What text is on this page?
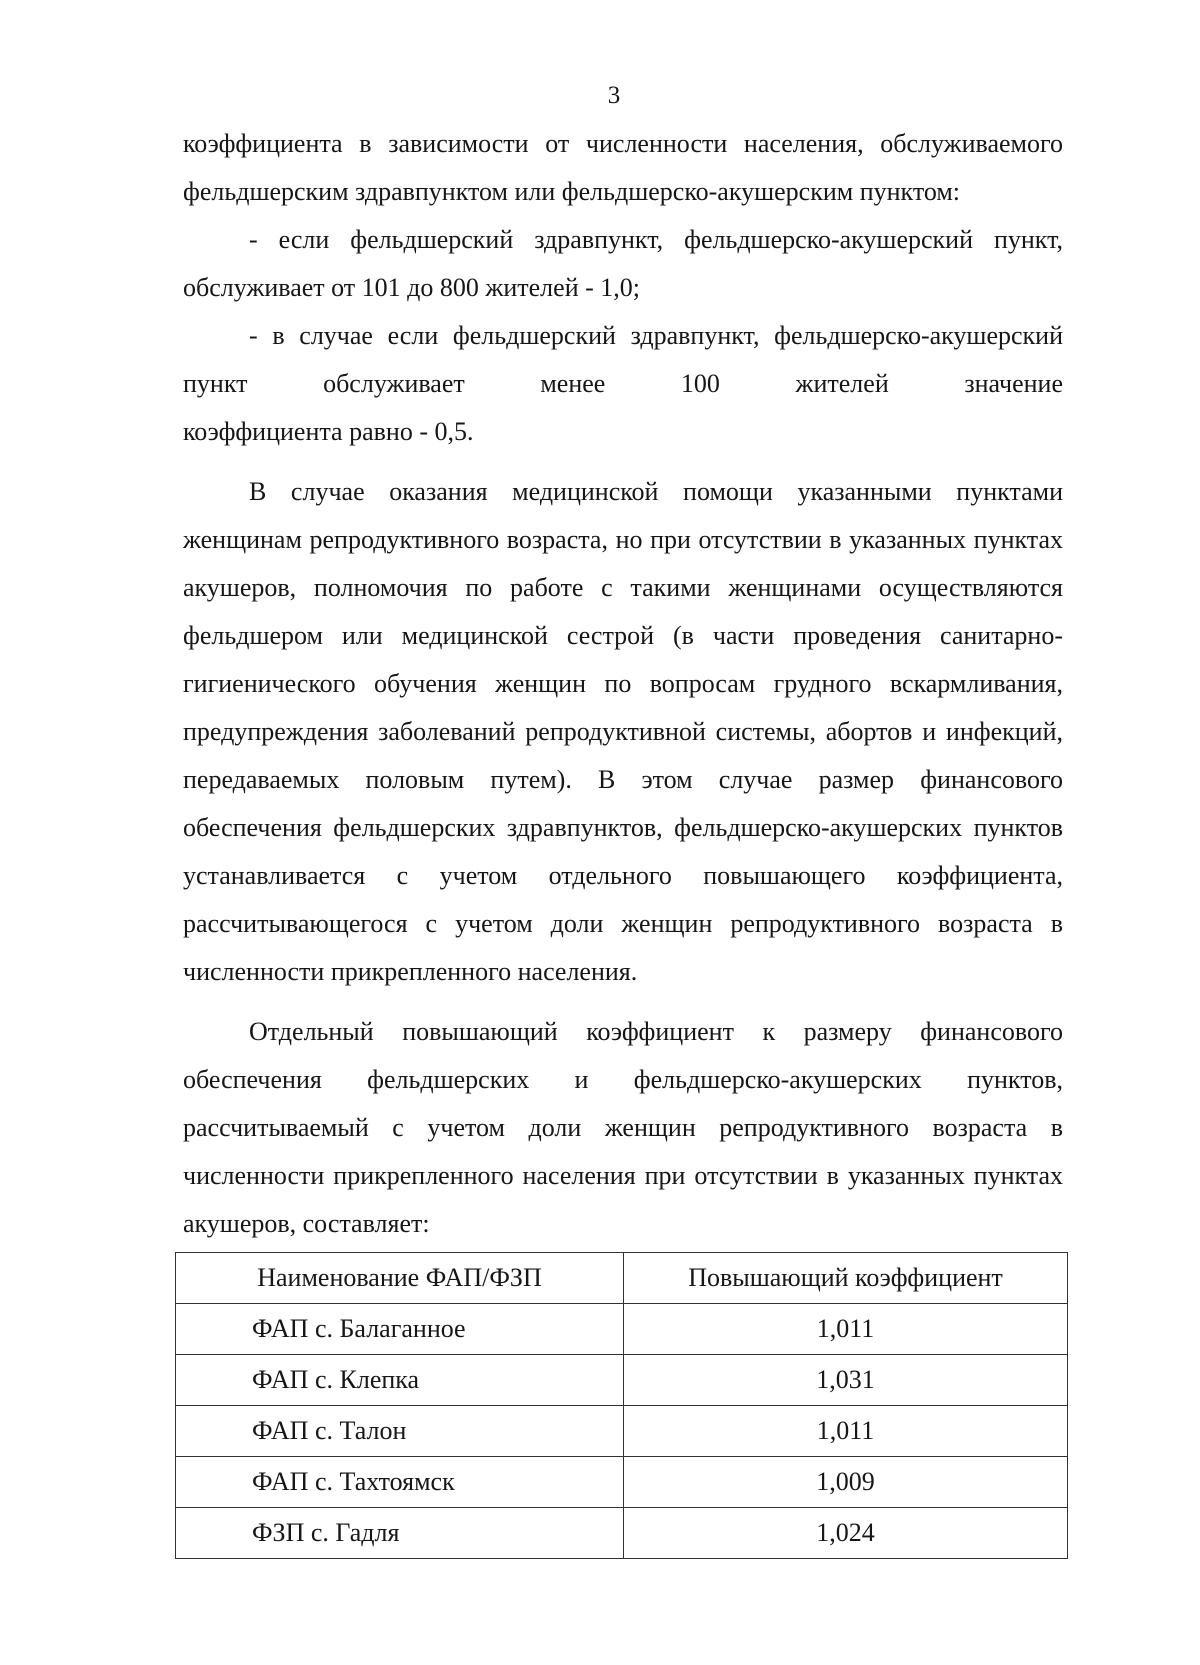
3

коэффициента в зависимости от численности населения, обслуживаемого фельдшерским здравпунктом или фельдшерско-акушерским пунктом:

- если фельдшерский здравпункт, фельдшерско-акушерский пункт, обслуживает от 101 до 800 жителей - 1,0;

- в случае если фельдшерский здравпункт, фельдшерско-акушерский пункт обслуживает менее 100 жителей значение

коэффициента равно - 0,5.

В случае оказания медицинской помощи указанными пунктами женщинам репродуктивного возраста, но при отсутствии в указанных пунктах акушеров, полномочия по работе с такими женщинами осуществляются фельдшером или медицинской сестрой (в части проведения санитарно-гигиенического обучения женщин по вопросам грудного вскармливания, предупреждения заболеваний репродуктивной системы, абортов и инфекций, передаваемых половым путем). В этом случае размер финансового обеспечения фельдшерских здравпунктов, фельдшерско-акушерских пунктов устанавливается с учетом отдельного повышающего коэффициента, рассчитывающегося с учетом доли женщин репродуктивного возраста в численности прикрепленного населения.

Отдельный повышающий коэффициент к размеру финансового обеспечения фельдшерских и фельдшерско-акушерских пунктов, рассчитываемый с учетом доли женщин репродуктивного возраста в численности прикрепленного населения при отсутствии в указанных пунктах акушеров, составляет:

Наименование ФАП/ФЗП	Повышающий коэффициент
ФАП с. Балаганное	1,011
ФАП с. Клепка	1,031
ФАП с. Талон	1,011
ФАП с. Тахтоямск	1,009
ФЗП с. Гадля	1,024
